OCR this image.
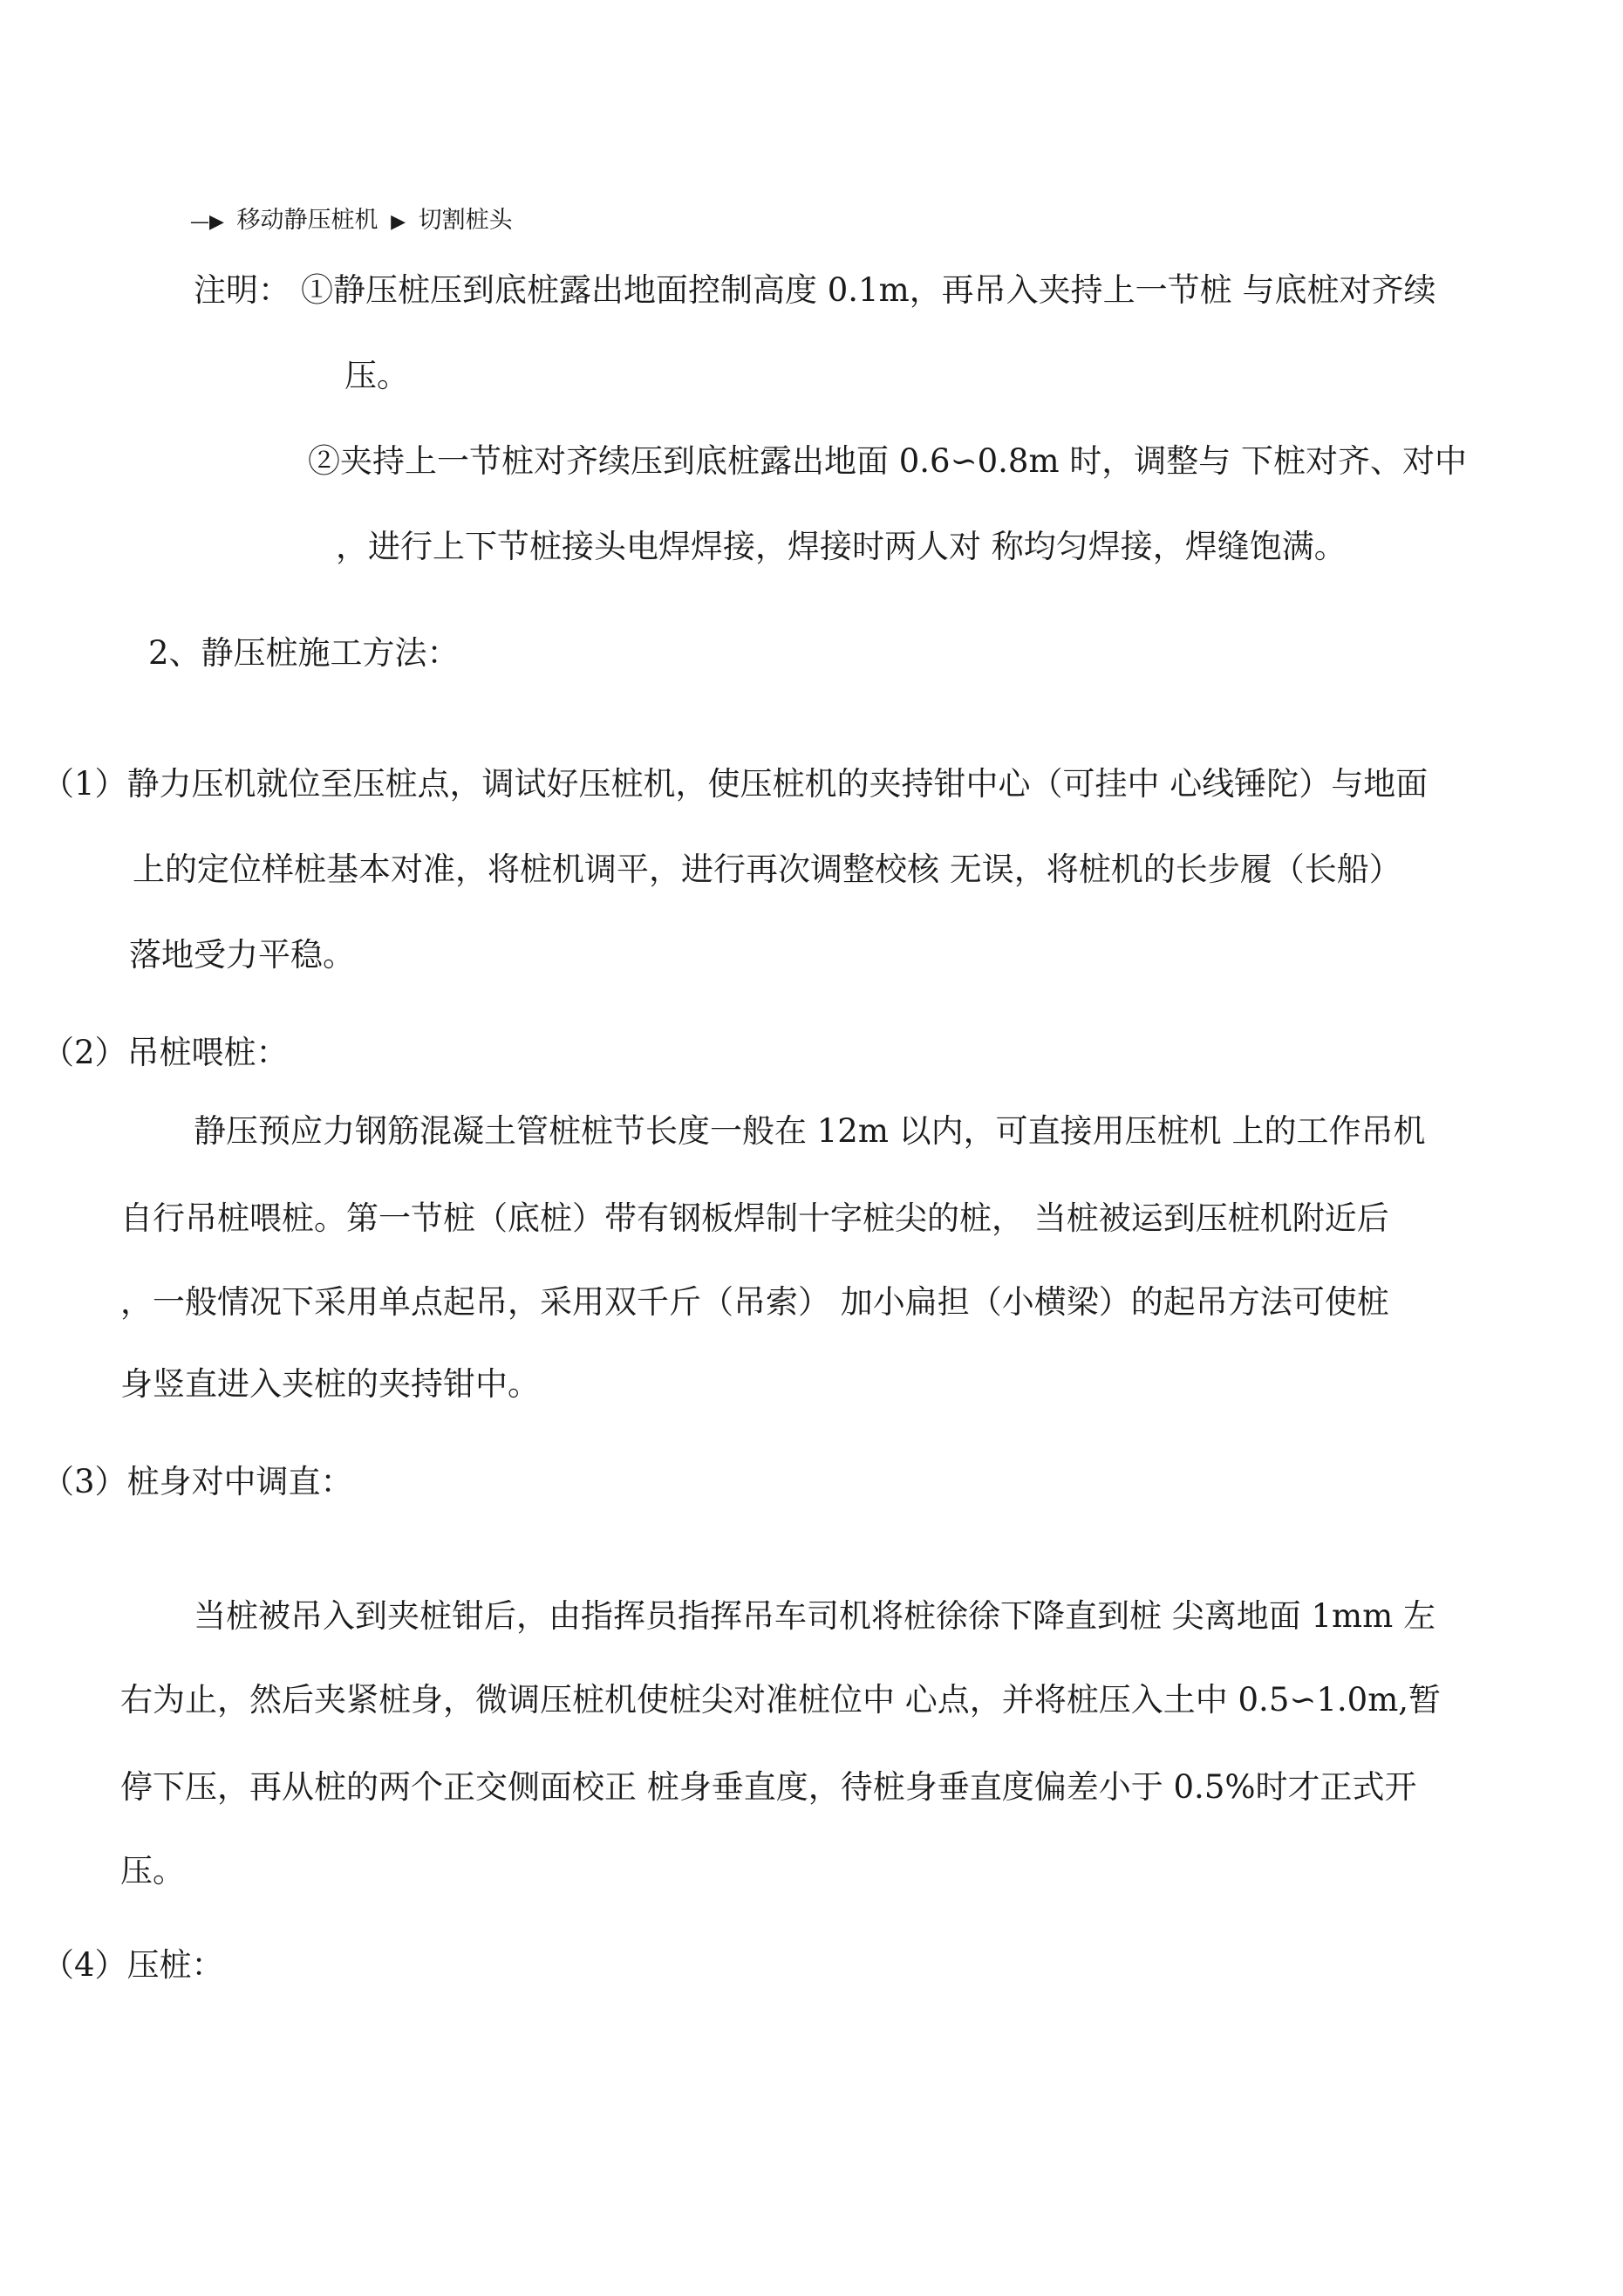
—▶ 移动静压桩机 ▶ 切割桩头
注明： ①静压桩压到底桩露出地面控制高度 0.1m，再吊入夹持上一节桩 与底桩对齐续
压。
②夹持上一节桩对齐续压到底桩露出地面 0.6∽0.8m 时，调整与 下桩对齐、对中
，进行上下节桩接头电焊焊接，焊接时两人对 称均匀焊接，焊缝饱满。
2、静压桩施工方法：
（1）静力压机就位至压桩点，调试好压桩机，使压桩机的夹持钳中心（可挂中 心线锤陀）与地面
上的定位样桩基本对准，将桩机调平，进行再次调整校核 无误，将桩机的长步履（长船）
落地受力平稳。
（2）吊桩喂桩：
静压预应力钢筋混凝土管桩桩节长度一般在 12m 以内，可直接用压桩机 上的工作吊机
自行吊桩喂桩。第一节桩（底桩）带有钢板焊制十字桩尖的桩， 当桩被运到压桩机附近后
，一般情况下采用单点起吊，采用双千斤（吊索） 加小扁担（小横梁）的起吊方法可使桩
身竖直进入夹桩的夹持钳中。
（3）桩身对中调直：
当桩被吊入到夹桩钳后，由指挥员指挥吊车司机将桩徐徐下降直到桩 尖离地面 1mm 左
右为止，然后夹紧桩身，微调压桩机使桩尖对准桩位中 心点，并将桩压入土中 0.5∽1.0m,暂
停下压，再从桩的两个正交侧面校正 桩身垂直度，待桩身垂直度偏差小于 0.5%时才正式开
压。
（4）压桩：
